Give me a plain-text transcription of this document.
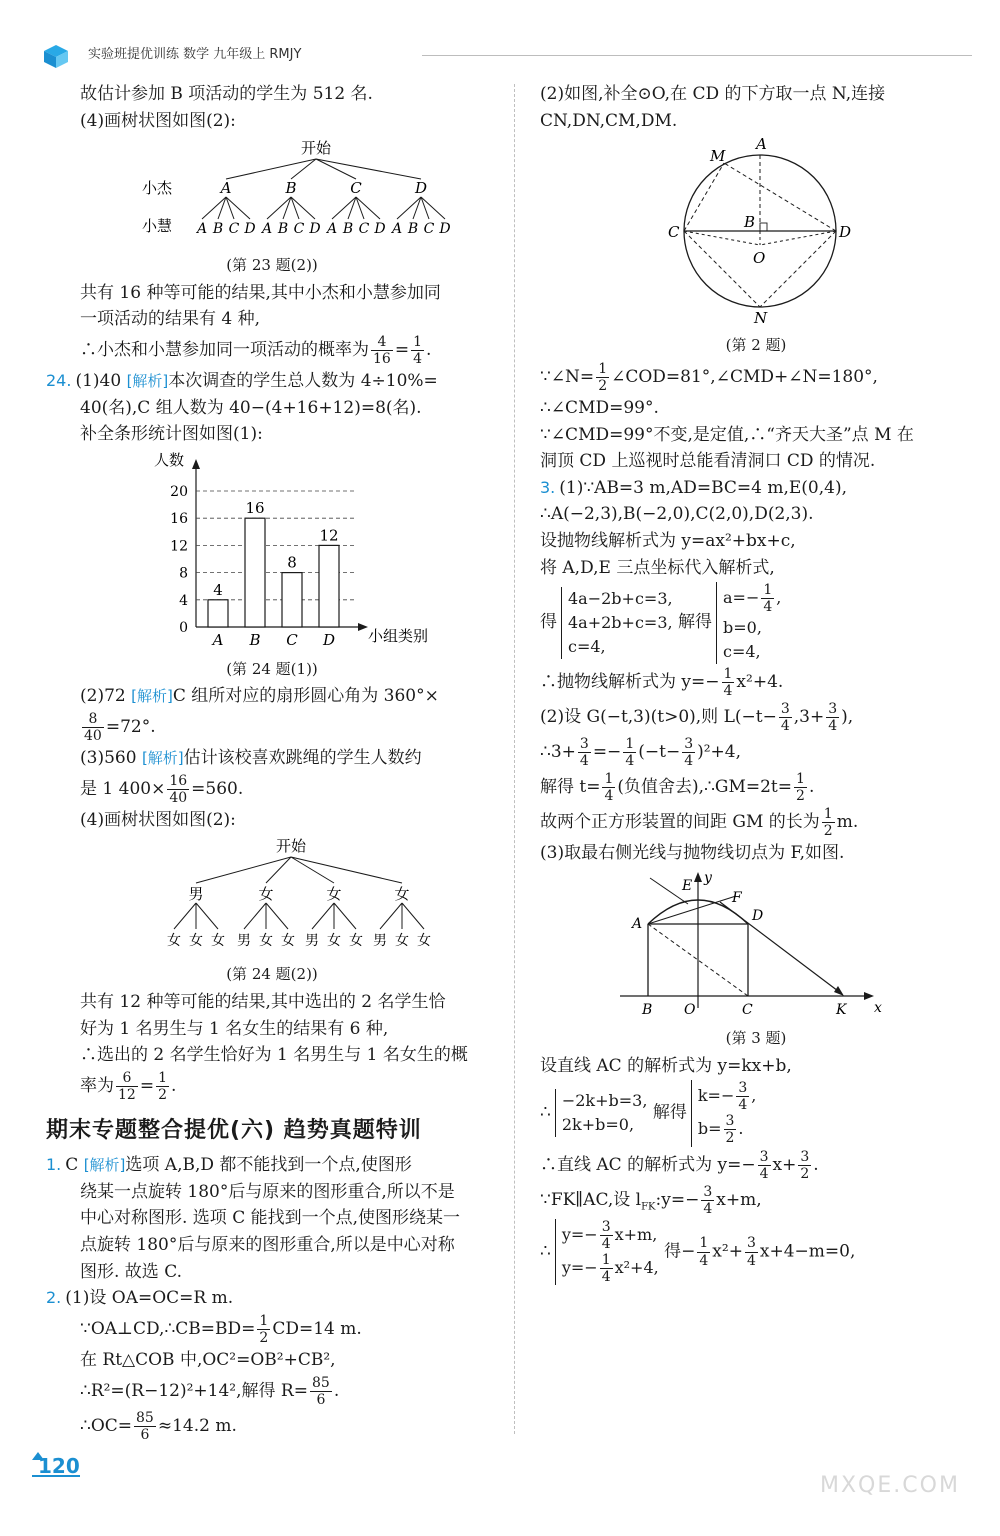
实验班提优训练 数学 九年级上 RMJY

故估计参加 B 项活动的学生为 512 名.

(4)画树状图如图(2):

开始
小杰
小慧
A
A B C D
B
A B C D
C
A B C D
D
A B C D

(第 23 题(2))

共有 16 种等可能的结果,其中小杰和小慧参加同

一项活动的结果有 4 种,

∴小杰和小慧参加同一项活动的概率为 $\frac{4}{16} = \frac{1}{4}$ .

24. (1)40 [解析]本次调查的学生总人数为 4÷10%=

40(名),C 组人数为 40−(4+16+12)=8(名).

补全条形统计图如图(1):

人数
小组类别
0
4
8
12
16
20
4
A
16
B
8
C
12
D

(第 24 题(1))

(2)72 [解析]C 组所对应的扇形圆心角为 360°×

$\frac{8}{40} =72^\circ$.

(3)560 [解析]估计该校喜欢跳绳的学生人数约

是 1 $400\times \frac{16}{40} =560$.

(4)画树状图如图(2):

开始
男
女 女 女
女
男 女 女
女
男 女 女
女
男 女 女

(第 24 题(2))

共有 12 种等可能的结果,其中选出的 2 名学生恰

好为 1 名男生与 1 名女生的结果有 6 种,

∴选出的 2 名学生恰好为 1 名男生与 1 名女生的概

率为 $\frac{6}{12} = \frac{1}{2}$ .

期末专题整合提优(六) 趋势真题特训

1. C [解析]选项 A,B,D 都不能找到一个点,使图形

绕某一点旋转 180°后与原来的图形重合,所以不是

中心对称图形. 选项 C 能找到一个点,使图形绕某一

点旋转 180°后与原来的图形重合,所以是中心对称

图形. 故选 C.

2. (1)设 OA=OC=R m.

∵OA⊥CD,∴CB=BD= $\frac{1}{2} CD=14$ m.

在 Rt△COB 中,OC²=OB²+CB²,

∴R²=(R−12)²+14²,解得 $R= \frac{85}{6}$ .

∴OC= $\frac{85}{6} \approx 14.2$ m.

(2)如图,补全⊙O,在 CD 的下方取一点 N,连接

CN,DN,CM,DM.

A
M
B
C	D
O
N

(第 2 题)

∵∠N= $\frac{1}{2}$ ∠COD=81°,∠CMD+∠N=180°,

∴∠CMD=99°.

∵∠CMD=99°不变,是定值,∴“齐天大圣”点 M 在

洞顶 CD 上巡视时总能看清洞口 CD 的情况.

3. (1)∵AB=3 m,AD=BC=4 m,E(0,4),

∴A(−2,3),B(−2,0),C(2,0),D(2,3).

设抛物线解析式为 y=ax²+bx+c,

将 A,D,E 三点坐标代入解析式,

得4a−2b+c=3,
4a+2b+c=3,
c=4, 解得$a=- \frac{1}{4}$ ,
b=0,
c=4,

∴抛物线解析式为 $y=- \frac{1}{4} x^2+4$.

(2)设 G(−t,3)(t>0),则 $L(-t- \frac{3}{4} ,3+ \frac{3}{4}$ ),

∴3+ $\frac{3}{4} =- \frac{1}{4} (-t- \frac{3}{4} )^2+4$,

解得 $t= \frac{1}{4}$ (负值舍去),∴GM=2t= $\frac{1}{2}$ .

故两个正方形装置的间距 GM 的长为 $\frac{1}{2} m$.

(3)取最右侧光线与抛物线切点为 F,如图.

y
E
F
D
A
B O	C	K x

(第 3 题)

设直线 AC 的解析式为 y=kx+b,

∴−2k+b=3,
2k+b=0, 解得$k=- \frac{3}{4}$ ,
$b= \frac{3}{2}$ .

∴直线 AC 的解析式为 $y=- \frac{3}{4} x+ \frac{3}{2}$ .

∵FK∥AC,设 $l_{FK}:y=- \frac{3}{4} x+m$,

∴y=− $\frac{3}{4} x+m$,
$y=- \frac{1}{4} x^2+4$, 得− $\frac{1}{4} x^2+ \frac{3}{4} x+4-m=0$,
120
MXQE.COM
